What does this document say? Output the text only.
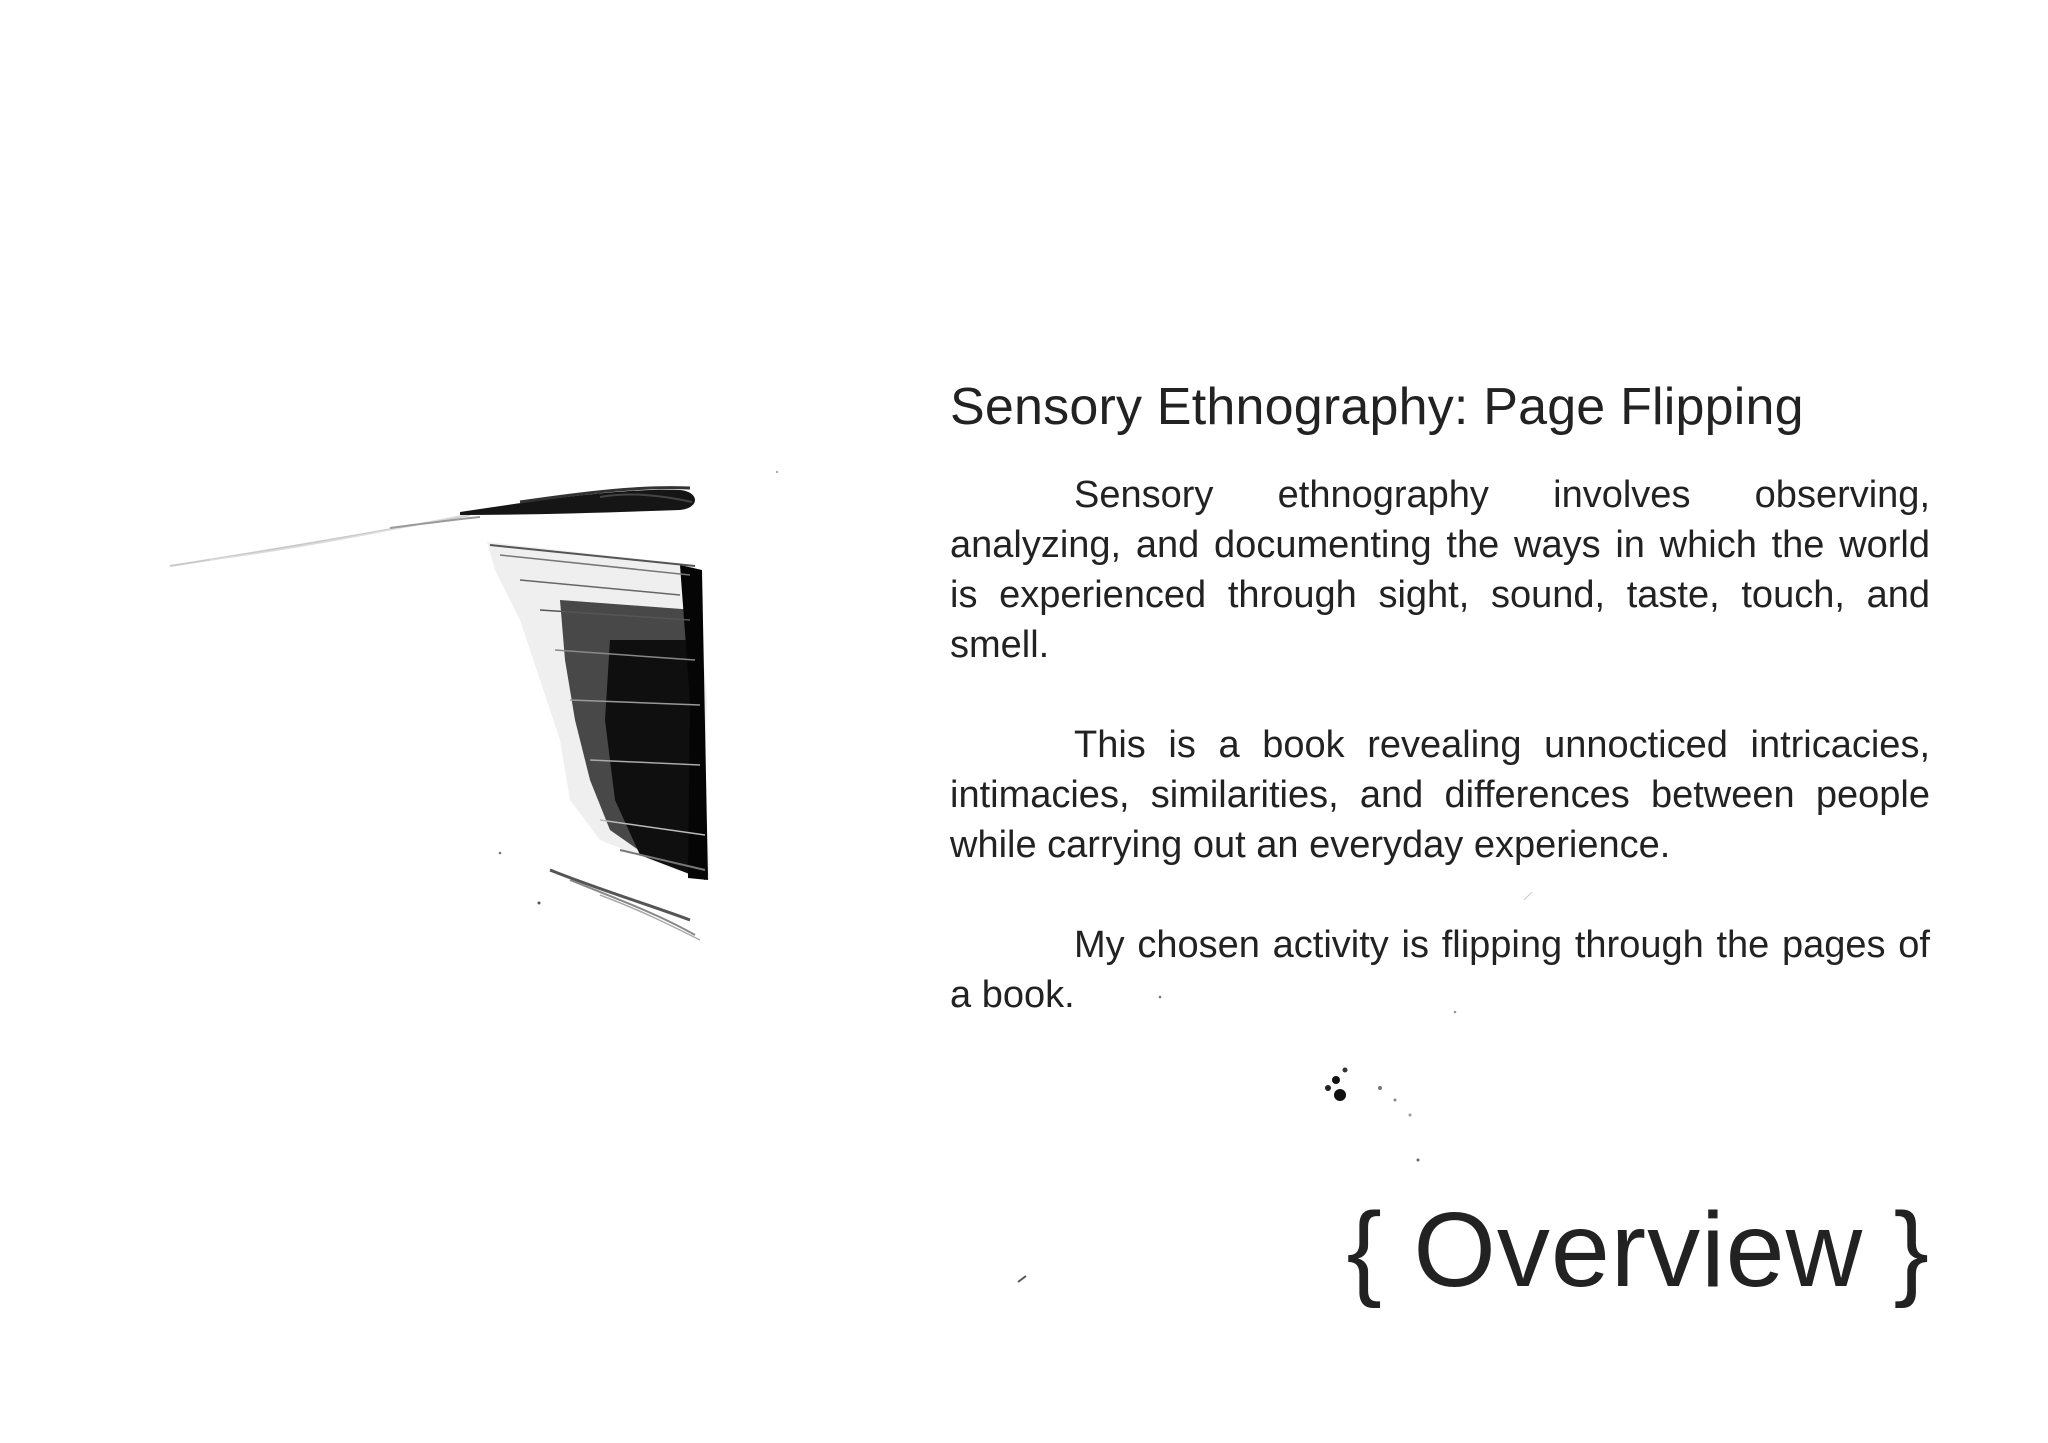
Sensory Ethnography: Page Flipping

Sensory ethnography involves observing, analyzing, and documenting the ways in which the world is experienced through sight, sound, taste, touch, and smell.

This is a book revealing unnocticed intricacies, intimacies, similarities, and differences between people while carrying out an everyday experience.

My chosen activity is flipping through the pages of a book.

{ Overview }
